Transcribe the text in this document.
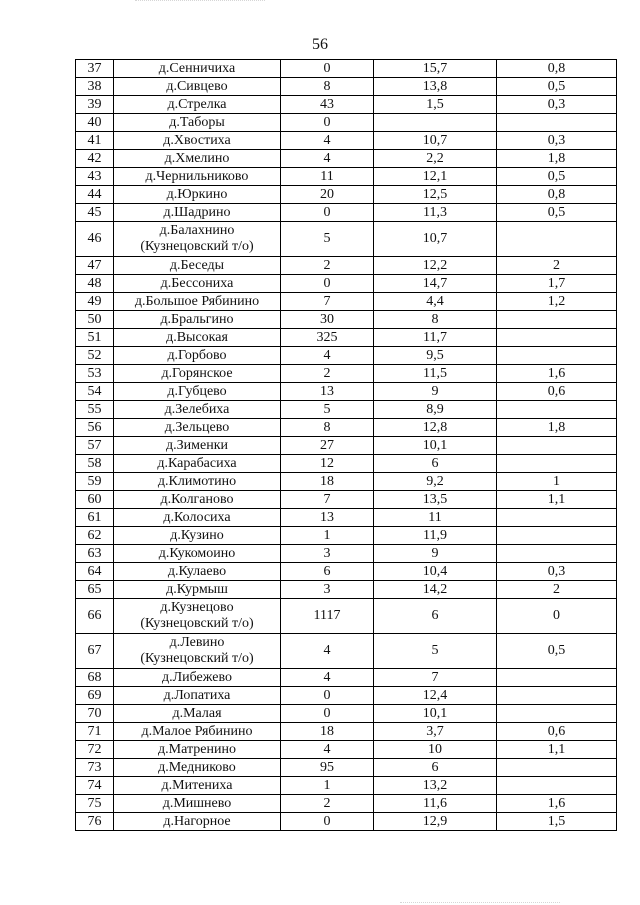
56
37	д.Сенничиха	0	15,7	0,8
38	д.Сивцево	8	13,8	0,5
39	д.Стрелка	43	1,5	0,3
40	д.Таборы	0		
41	д.Хвостиха	4	10,7	0,3
42	д.Хмелино	4	2,2	1,8
43	д.Чернильниково	11	12,1	0,5
44	д.Юркино	20	12,5	0,8
45	д.Шадрино	0	11,3	0,5
46	д.Балахнино
(Кузнецовский т/о)	5	10,7	
47	д.Беседы	2	12,2	2
48	д.Бессониха	0	14,7	1,7
49	д.Большое Рябинино	7	4,4	1,2
50	д.Бральгино	30	8	
51	д.Высокая	325	11,7	
52	д.Горбово	4	9,5	
53	д.Горянское	2	11,5	1,6
54	д.Губцево	13	9	0,6
55	д.Зелебиха	5	8,9	
56	д.Зельцево	8	12,8	1,8
57	д.Зименки	27	10,1	
58	д.Карабасиха	12	6	
59	д.Климотино	18	9,2	1
60	д.Колганово	7	13,5	1,1
61	д.Колосиха	13	11	
62	д.Кузино	1	11,9	
63	д.Кукомоино	3	9	
64	д.Кулаево	6	10,4	0,3
65	д.Курмыш	3	14,2	2
66	д.Кузнецово
(Кузнецовский т/о)	1117	6	0
67	д.Левино
(Кузнецовский т/о)	4	5	0,5
68	д.Либежево	4	7	
69	д.Лопатиха	0	12,4	
70	д.Малая	0	10,1	
71	д.Малое Рябинино	18	3,7	0,6
72	д.Матренино	4	10	1,1
73	д.Медниково	95	6	
74	д.Митениха	1	13,2	
75	д.Мишнево	2	11,6	1,6
76	д.Нагорное	0	12,9	1,5
